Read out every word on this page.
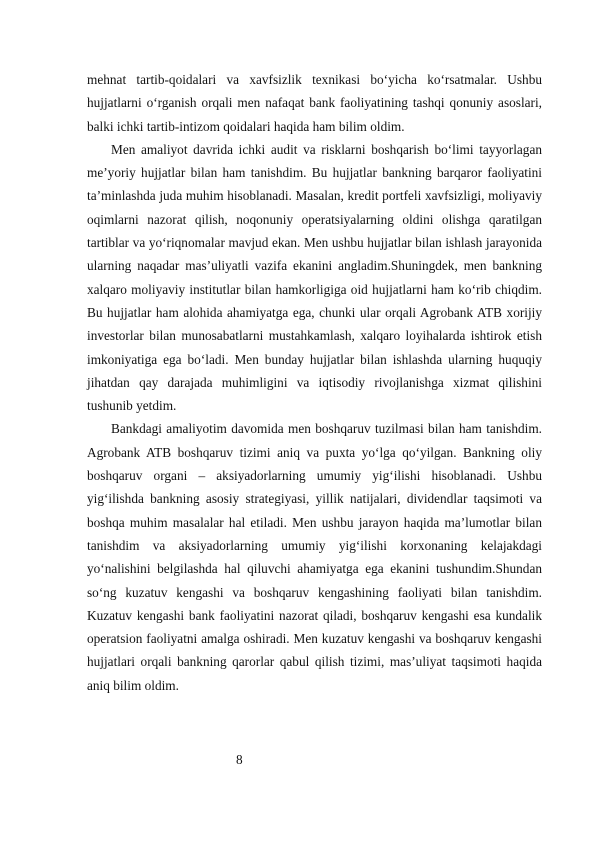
mehnat tartib-qoidalari va xavfsizlik texnikasi bo‘yicha ko‘rsatmalar. Ushbu hujjatlarni o‘rganish orqali men nafaqat bank faoliyatining tashqi qonuniy asoslari, balki ichki tartib-intizom qoidalari haqida ham bilim oldim.

Men amaliyot davrida ichki audit va risklarni boshqarish bo‘limi tayyorlagan me’yoriy hujjatlar bilan ham tanishdim. Bu hujjatlar bankning barqaror faoliyatini ta’minlashda juda muhim hisoblanadi. Masalan, kredit portfeli xavfsizligi, moliyaviy oqimlarni nazorat qilish, noqonuniy operatsiyalarning oldini olishga qaratilgan tartiblar va yo‘riqnomalar mavjud ekan. Men ushbu hujjatlar bilan ishlash jarayonida ularning naqadar mas’uliyatli vazifa ekanini angladim.Shuningdek, men bankning xalqaro moliyaviy institutlar bilan hamkorligiga oid hujjatlarni ham ko‘rib chiqdim. Bu hujjatlar ham alohida ahamiyatga ega, chunki ular orqali Agrobank ATB xorijiy investorlar bilan munosabatlarni mustahkamlash, xalqaro loyihalarda ishtirok etish imkoniyatiga ega bo‘ladi. Men bunday hujjatlar bilan ishlashda ularning huquqiy jihatdan qay darajada muhimligini va iqtisodiy rivojlanishga xizmat qilishini tushunib yetdim.

Bankdagi amaliyotim davomida men boshqaruv tuzilmasi bilan ham tanishdim. Agrobank ATB boshqaruv tizimi aniq va puxta yo‘lga qo‘yilgan. Bankning oliy boshqaruv organi – aksiyadorlarning umumiy yig‘ilishi hisoblanadi. Ushbu yig‘ilishda bankning asosiy strategiyasi, yillik natijalari, dividendlar taqsimoti va boshqa muhim masalalar hal etiladi. Men ushbu jarayon haqida ma’lumotlar bilan tanishdim va aksiyadorlarning umumiy yig‘ilishi korxonaning kelajakdagi yo‘nalishini belgilashda hal qiluvchi ahamiyatga ega ekanini tushundim.Shundan so‘ng kuzatuv kengashi va boshqaruv kengashining faoliyati bilan tanishdim. Kuzatuv kengashi bank faoliyatini nazorat qiladi, boshqaruv kengashi esa kundalik operatsion faoliyatni amalga oshiradi. Men kuzatuv kengashi va boshqaruv kengashi hujjatlari orqali bankning qarorlar qabul qilish tizimi, mas’uliyat taqsimoti haqida aniq bilim oldim.

8
